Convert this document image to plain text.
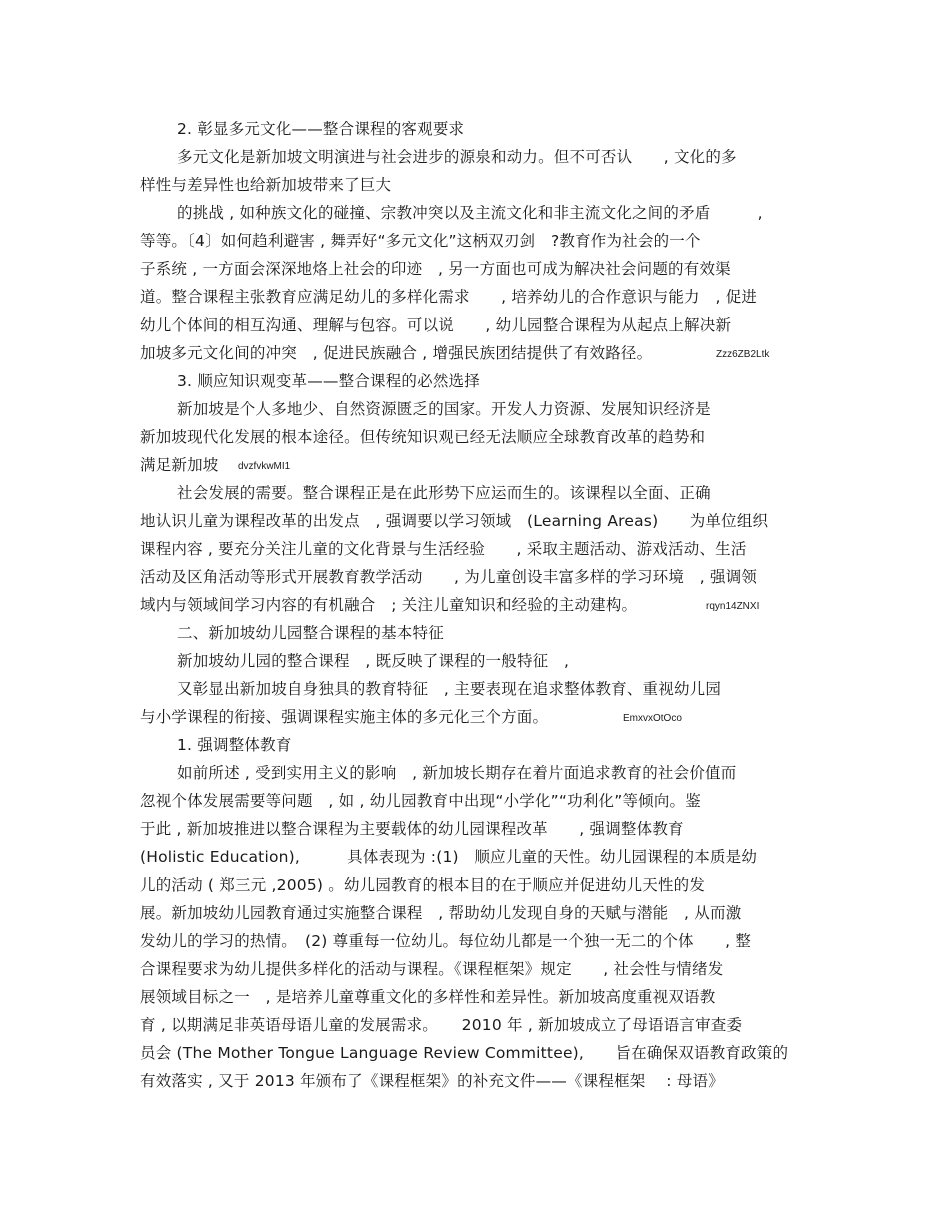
2. 彰显多元文化——整合课程的客观要求
多元文化是新加坡文明演进与社会进步的源泉和动力。但不可否认　　, 文化的多
样性与差异性也给新加坡带来了巨大
的挑战 , 如种族文化的碰撞、宗教冲突以及主流文化和非主流文化之间的矛盾　　　,
等等。〔4〕如何趋利避害 , 舞弄好“多元文化”这柄双刃剑　?教育作为社会的一个
子系统 , 一方面会深深地烙上社会的印迹　, 另一方面也可成为解决社会问题的有效渠
道。整合课程主张教育应满足幼儿的多样化需求　　, 培养幼儿的合作意识与能力　, 促进
幼儿个体间的相互沟通、理解与包容。可以说　　, 幼儿园整合课程为从起点上解决新
加坡多元文化间的冲突　, 促进民族融合 , 增强民族团结提供了有效路径。	Zzz6ZB2Ltk
3. 顺应知识观变革——整合课程的必然选择
新加坡是个人多地少、自然资源匮乏的国家。开发人力资源、发展知识经济是
新加坡现代化发展的根本途径。但传统知识观已经无法顺应全球教育改革的趋势和
满足新加坡 dvzfvkwMI1
社会发展的需要。整合课程正是在此形势下应运而生的。该课程以全面、正确
地认识儿童为课程改革的出发点　, 强调要以学习领域　(Learning Areas)　　为单位组织
课程内容 , 要充分关注儿童的文化背景与生活经验　　, 采取主题活动、游戏活动、生活
活动及区角活动等形式开展教育教学活动　　, 为儿童创设丰富多样的学习环境　, 强调领
域内与领域间学习内容的有机融合　; 关注儿童知识和经验的主动建构。	rqyn14ZNXI
二、新加坡幼儿园整合课程的基本特征
新加坡幼儿园的整合课程　, 既反映了课程的一般特征　,
又彰显出新加坡自身独具的教育特征　, 主要表现在追求整体教育、重视幼儿园
与小学课程的衔接、强调课程实施主体的多元化三个方面。	EmxvxOtOco
1. 强调整体教育
如前所述 , 受到实用主义的影响　, 新加坡长期存在着片面追求教育的社会价值而
忽视个体发展需要等问题　, 如 , 幼儿园教育中出现“小学化”“功利化”等倾向。鉴
于此 , 新加坡推进以整合课程为主要载体的幼儿园课程改革　　, 强调整体教育
(Holistic Education),　　　具体表现为 :(1)　顺应儿童的天性。幼儿园课程的本质是幼
儿的活动 ( 郑三元 ,2005) 。幼儿园教育的根本目的在于顺应并促进幼儿天性的发
展。新加坡幼儿园教育通过实施整合课程　, 帮助幼儿发现自身的天赋与潜能　, 从而激
发幼儿的学习的热情。　(2) 尊重每一位幼儿。每位幼儿都是一个独一无二的个体　　, 整
合课程要求为幼儿提供多样化的活动与课程。《课程框架》规定　　, 社会性与情绪发
展领域目标之一　, 是培养儿童尊重文化的多样性和差异性。新加坡高度重视双语教
育 , 以期满足非英语母语儿童的发展需求。　　2010 年 , 新加坡成立了母语语言审查委
员会 (The Mother Tongue Language Review Committee),　　旨在确保双语教育政策的
有效落实 , 又于 2013 年颁布了《课程框架》的补充文件——《课程框架　 : 母语》
